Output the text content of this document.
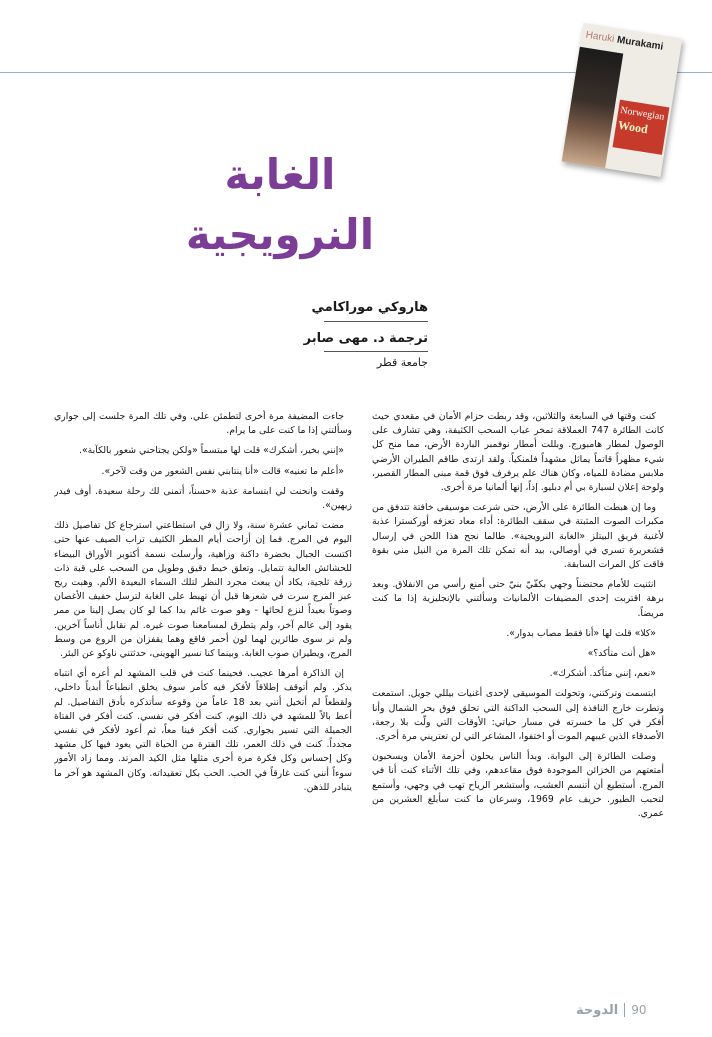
Haruki Murakami
Norwegian
Wood
الغابة النرويجية
هاروكي موراكامي
ترجمة د. مهى صابر
جامعة قطر

كنت وقتها في السابعة والثلاثين، وقد ربطت حزام الأمان في مقعدي حيث كانت الطائرة 747 العملاقة تمخر عباب السحب الكثيفة، وهي تشارف على الوصول لمطار هامبورج. وبللت أمطار نوفمبر الباردة الأرض، مما منح كل شيء مظهراً قاتماً يماثل مشهداً فلمنكياً. ولقد ارتدى طاقم الطيران الأرضي ملابس مضادة للمياه، وكان هناك علم يرفرف فوق قمة مبنى المطار القصير، ولوحة إعلان لسيارة بي أم دبليو. إذاً، إنها ألمانيا مرة أخرى.

وما إن هبطت الطائرة على الأرض، حتى شرعت موسيقى خافتة تتدفق من مكبرات الصوت المثبتة في سقف الطائرة: أداء معاد تعزفه أوركسترا عذبة لأغنية فريق البيتلز «الغابة النرويجية». طالما نجح هذا اللحن في إرسال قشعريرة تسري في أوصالي، بيد أنه تمكن تلك المرة من النيل مني بقوة فاقت كل المرات السابقة.

انثنيت للأمام محتضناً وجهي بكفّيّ بنيّ حتى أمنع رأسي من الانفلاق. وبعد برهة اقتربت إحدى المضيفات الألمانيات وسألتني بالإنجليزية إذا ما كنت مريضاً.

«كلا» قلت لها «أنا فقط مصاب بدوار».

«هل أنت متأكد؟»

«نعم، إنني متأكد. أشكرك».

ابتسمت وتركتني، وتحولت الموسيقى لإحدى أغنيات بيللي جويل. استمعت وتطرت خارج النافذة إلى السحب الداكنة التي تحلق فوق بحر الشمال وأنا أفكر في كل ما خسرته في مسار حياتي: الأوقات التي ولّت بلا رجعة، الأصدقاء الذين غيبهم الموت أو اختفوا، المشاعر التي لن تعتريني مرة أخرى.

وصلت الطائرة إلى البوابة. وبدأ الناس يحلون أحزمة الأمان ويسحبون أمتعتهم من الخزائن الموجودة فوق مقاعدهم، وفي تلك الأثناء كنت أنا في المرج. أستطيع أن أتنسم العشب، وأستشعر الرياح تهب في وجهي، وأستمع لتحبب الطيور. خريف عام 1969، وسرعان ما كنت سأبلغ العشرين من عمري.

جاءت المضيفة مرة أخرى لتطمئن علي. وفي تلك المرة جلست إلى جواري وسألتني إذا ما كنت على ما يرام.

«إنني بخير، أشكرك» قلت لها مبتسماً «ولكن يجتاحني شعور بالكآبة».

«أعلم ما تعنيه» قالت «أنا ينتابني نفس الشعور من وقت لآخر».

وقفت وانحنت لي ابتسامة عذبة «حسناً، أتمنى لك رحلة سعيدة. أوف فيدر زيهين».

مضت ثماني عشرة سنة، ولا زال في استطاعتي استرجاع كل تفاصيل ذلك اليوم في المرج. فما إن أزاحت أيام المطر الكثيف تراب الصيف عنها حتى اكتست الجبال بخضرة داكنة وزاهية، وأرسلت نسمة أكتوبر الأوراق البيضاء للحشائش العالية تتمايل. وتعلق خيط دقيق وطويل من السحب على قبة ذات زرقة ثلجية، يكاد أن يبعث مجرد النظر لتلك السماء البعيدة الألم. وهبت ريح عبر المرج سرت في شعرها قبل أن تهبط على الغابة لترسل حفيف الأغصان وصوتاً بعيداً لنزع لحائها - وهو صوت غائم بدا كما لو كان يصل إلينا من ممر يقود إلى عالم آخر، ولم يتطرق لمسامعنا صوت غيره. لم نقابل أناساً آخرين. ولم نر سوى طائرين لهما لون أحمر فاقع وهما يقفزان من الروع من وسط المرج، ويطيران صوب الغابة. وبينما كنا نسير الهوينى، حدثتني ناوكو عن البئر.

إن الذاكرة أمرها عجيب. فحينما كنت في قلب المشهد لم أعره أي انتباه يذكر. ولم أتوقف إطلاقاً لأفكر فيه كأمر سوف يخلق انطباعاً أبدياً داخلي، ولقطعاً لم أتخيل أنني بعد 18 عاماً من وقوعه سأتذكره بأدق التفاصيل. لم أعط بالاً للمشهد في ذلك اليوم. كنت أفكر في نفسي. كنت أفكر في الفتاة الجميلة التي تسير بجواري. كنت أفكر فينا معاً، ثم أعود لأفكر في نفسي مجدداً. كنت في ذلك العمر، تلك الفترة من الحياة التي يعود فيها كل مشهد وكل إحساس وكل فكرة مرة أخرى مثلها مثل الكيد المرتد. ومما زاد الأمور سوءاً أنني كنت غارقاً في الحب. الحب بكل تعقيداته. وكان المشهد هو آخر ما يتبادر للذهن.

الدوحة 90
